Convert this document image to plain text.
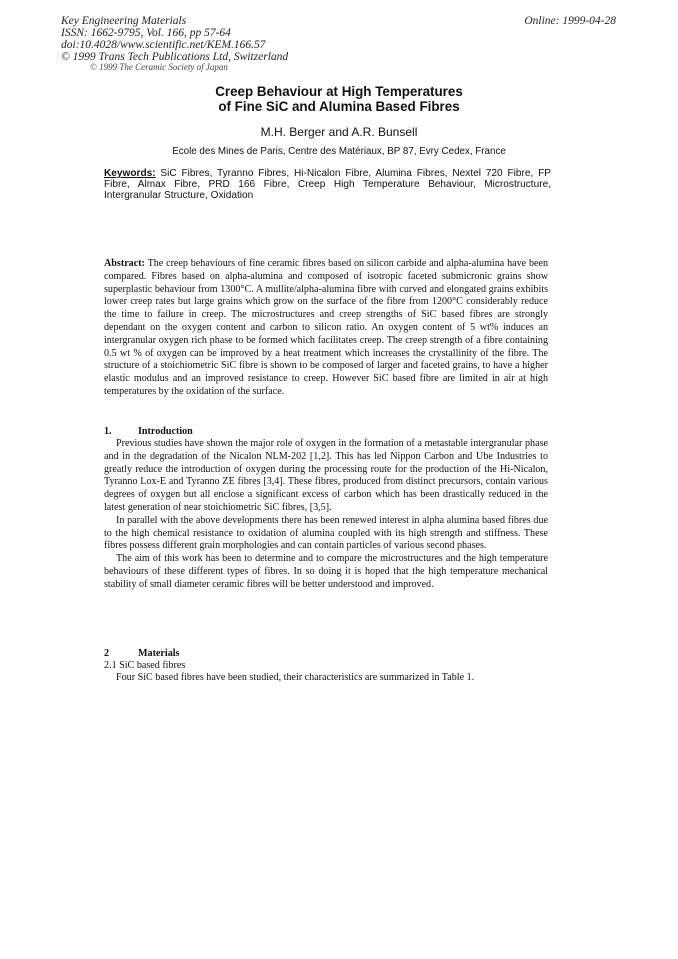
Key Engineering Materials
ISSN: 1662-9795, Vol. 166, pp 57-64
doi:10.4028/www.scientific.net/KEM.166.57
© 1999 Trans Tech Publications Ltd, Switzerland
© 1999 The Ceramic Society of Japan
Online: 1999-04-28
Creep Behaviour at High Temperatures
of Fine SiC and Alumina Based Fibres
M.H. Berger and A.R. Bunsell
Ecole des Mines de Paris, Centre des Matériaux, BP 87, Evry Cedex, France
Keywords: SiC Fibres, Tyranno Fibres, Hi-Nicalon Fibre, Alumina Fibres, Nextel 720 Fibre, FP Fibre, Almax Fibre, PRD 166 Fibre, Creep High Temperature Behaviour, Microstructure, Intergranular Structure, Oxidation

Abstract: The creep behaviours of fine ceramic fibres based on silicon carbide and alpha-alumina have been compared. Fibres based on alpha-alumina and composed of isotropic faceted submicronic grains show superplastic behaviour from 1300°C. A mullite/alpha-alumina fibre with curved and elongated grains exhibits lower creep rates but large grains which grow on the surface of the fibre from 1200°C considerably reduce the time to failure in creep. The microstructures and creep strengths of SiC based fibres are strongly dependant on the oxygen content and carbon to silicon ratio. An oxygen content of 5 wt% induces an intergranular oxygen rich phase to be formed which facilitates creep. The creep strength of a fibre containing 0.5 wt % of oxygen can be improved by a heat treatment which increases the crystallinity of the fibre. The structure of a stoichiometric SiC fibre is shown to be composed of larger and faceted grains, to have a higher elastic modulus and an improved resistance to creep. However SiC based fibre are limited in air at high temperatures by the oxidation of the surface.

1.	Introduction

Previous studies have shown the major role of oxygen in the formation of a metastable intergranular phase and in the degradation of the Nicalon NLM-202 [1,2]. This has led Nippon Carbon and Ube Industries to greatly reduce the introduction of oxygen during the processing route for the production of the Hi-Nicalon, Tyranno Lox-E and Tyranno ZE fibres [3,4]. These fibres, produced from distinct precursors, contain various degrees of oxygen but all enclose a significant excess of carbon which has been drastically reduced in the latest generation of near stoichiometric SiC fibres, [3,5].

In parallel with the above developments there has been renewed interest in alpha alumina based fibres due to the high chemical resistance to oxidation of alumina coupled with its high strength and stiffness. These fibres possess different grain morphologies and can contain particles of various second phases.

The aim of this work has been to determine and to compare the microstructures and the high temperature behaviours of these different types of fibres. In so doing it is hoped that the high temperature mechanical stability of small diameter ceramic fibres will be better understood and improved.

2	Materials
2.1 SiC based fibres

Four SiC based fibres have been studied, their characteristics are summarized in Table 1.
